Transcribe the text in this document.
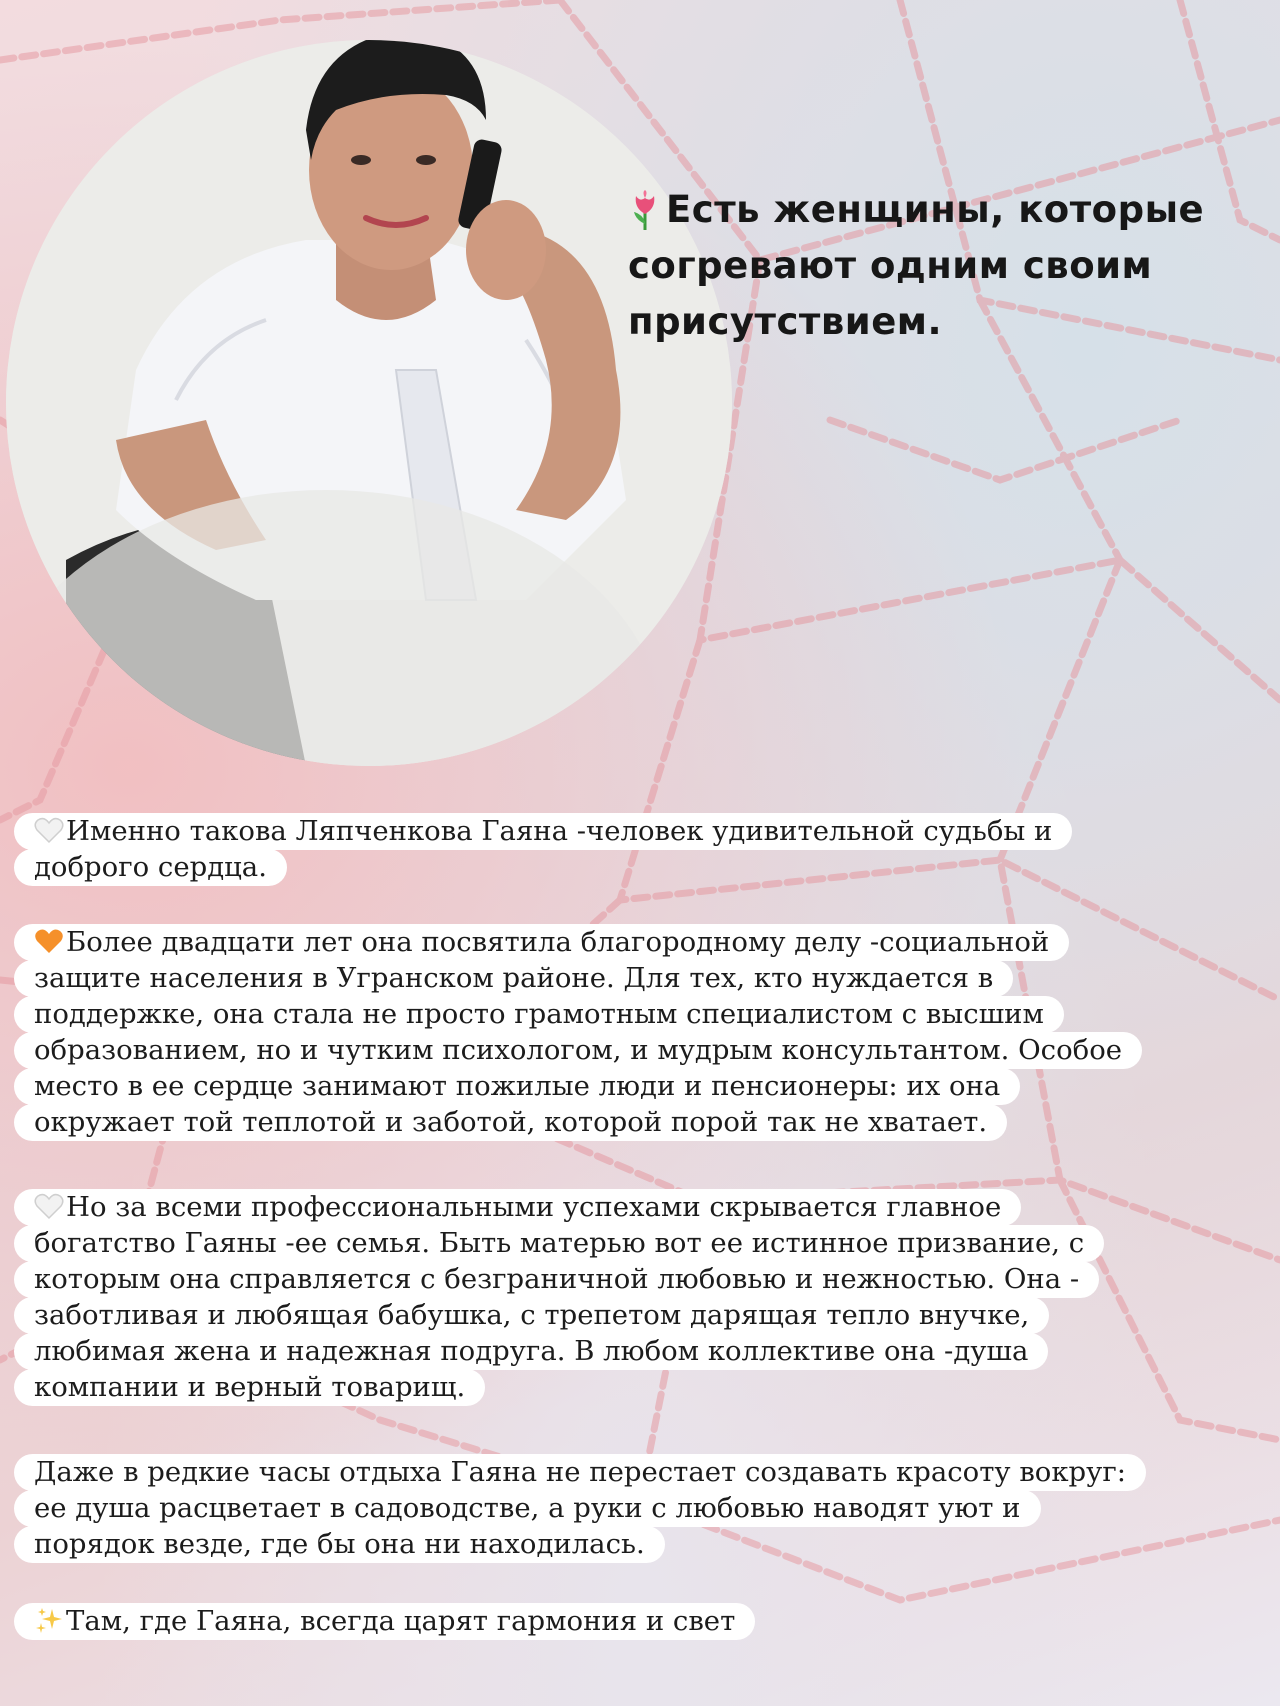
Есть женщины, которые
согревают одним своим
присутствием.
Именно такова Ляпченкова Гаяна -человек удивительной судьбы и
доброго сердца.
Более двадцати лет она посвятила благородному делу -социальной
защите населения в Угранском районе. Для тех, кто нуждается в
поддержке, она стала не просто грамотным специалистом с высшим
образованием, но и чутким психологом, и мудрым консультантом. Особое
место в ее сердце занимают пожилые люди и пенсионеры: их она
окружает той теплотой и заботой, которой порой так не хватает.
Но за всеми профессиональными успехами скрывается главное
богатство Гаяны -ее семья. Быть матерью вот ее истинное призвание, с
которым она справляется с безграничной любовью и нежностью. Она -
заботливая и любящая бабушка, с трепетом дарящая тепло внучке,
любимая жена и надежная подруга. В любом коллективе она -душа
компании и верный товарищ.
Даже в редкие часы отдыха Гаяна не перестает создавать красоту вокруг:
ее душа расцветает в садоводстве, а руки с любовью наводят уют и
порядок везде, где бы она ни находилась.
Там, где Гаяна, всегда царят гармония и свет
